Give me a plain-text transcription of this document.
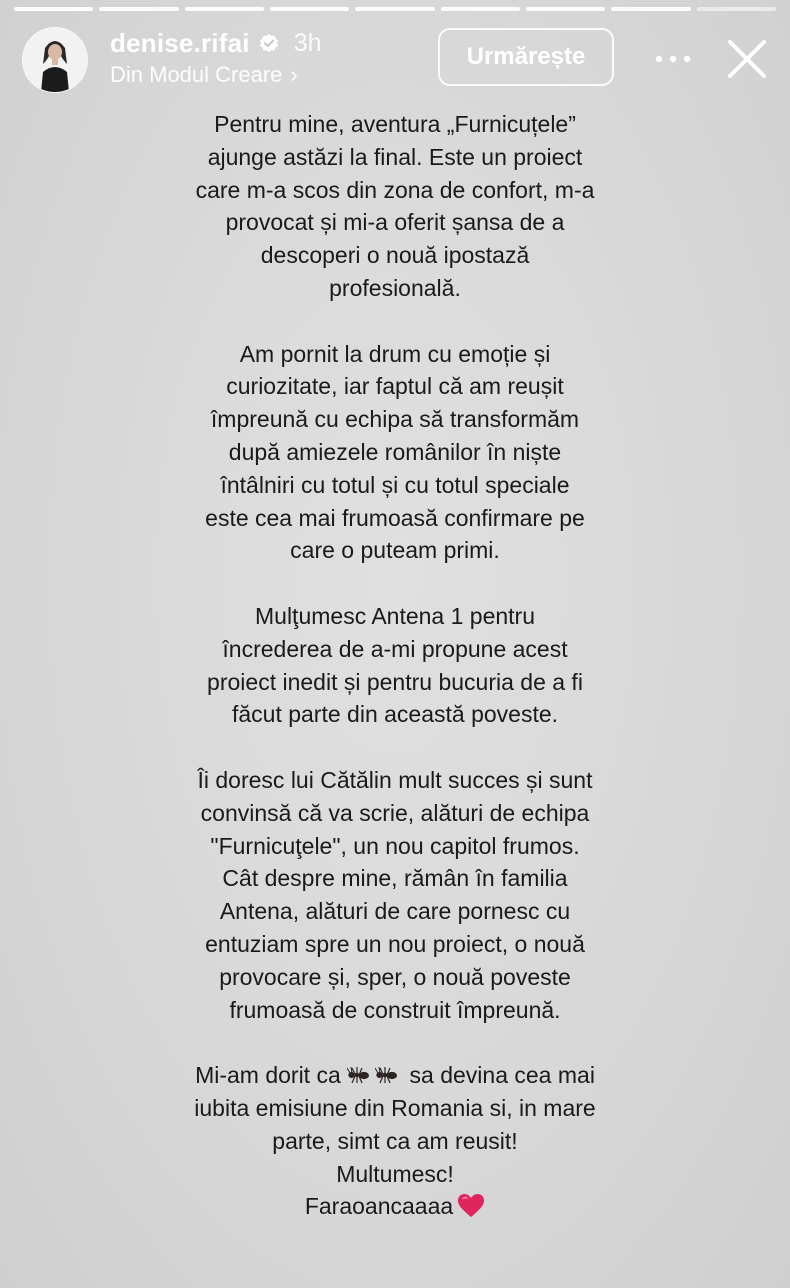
denise.rifai 3h
Din Modul Creare ›
Urmărește
Pentru mine, aventura „Furnicuțele”
ajunge astăzi la final. Este un proiect
care m-a scos din zona de confort, m-a
provocat și mi-a oferit șansa de a
descoperi o nouă ipostază
profesională.
Am pornit la drum cu emoție și
curiozitate, iar faptul că am reușit
împreună cu echipa să transformăm
după amiezele românilor în niște
întâlniri cu totul și cu totul speciale
este cea mai frumoasă confirmare pe
care o puteam primi.
Mulţumesc Antena 1 pentru
încrederea de a-mi propune acest
proiect inedit și pentru bucuria de a fi
făcut parte din această poveste.
Îi doresc lui Cătălin mult succes și sunt
convinsă că va scrie, alături de echipa
"Furnicuţele", un nou capitol frumos.
Cât despre mine, rămân în familia
Antena, alături de care pornesc cu
entuziam spre un nou proiect, o nouă
provocare și, sper, o nouă poveste
frumoasă de construit împreună.
Mi-am dorit ca  sa devina cea mai
iubita emisiune din Romania si, in mare
parte, simt ca am reusit!
Multumesc!
Faraoancaaaa
